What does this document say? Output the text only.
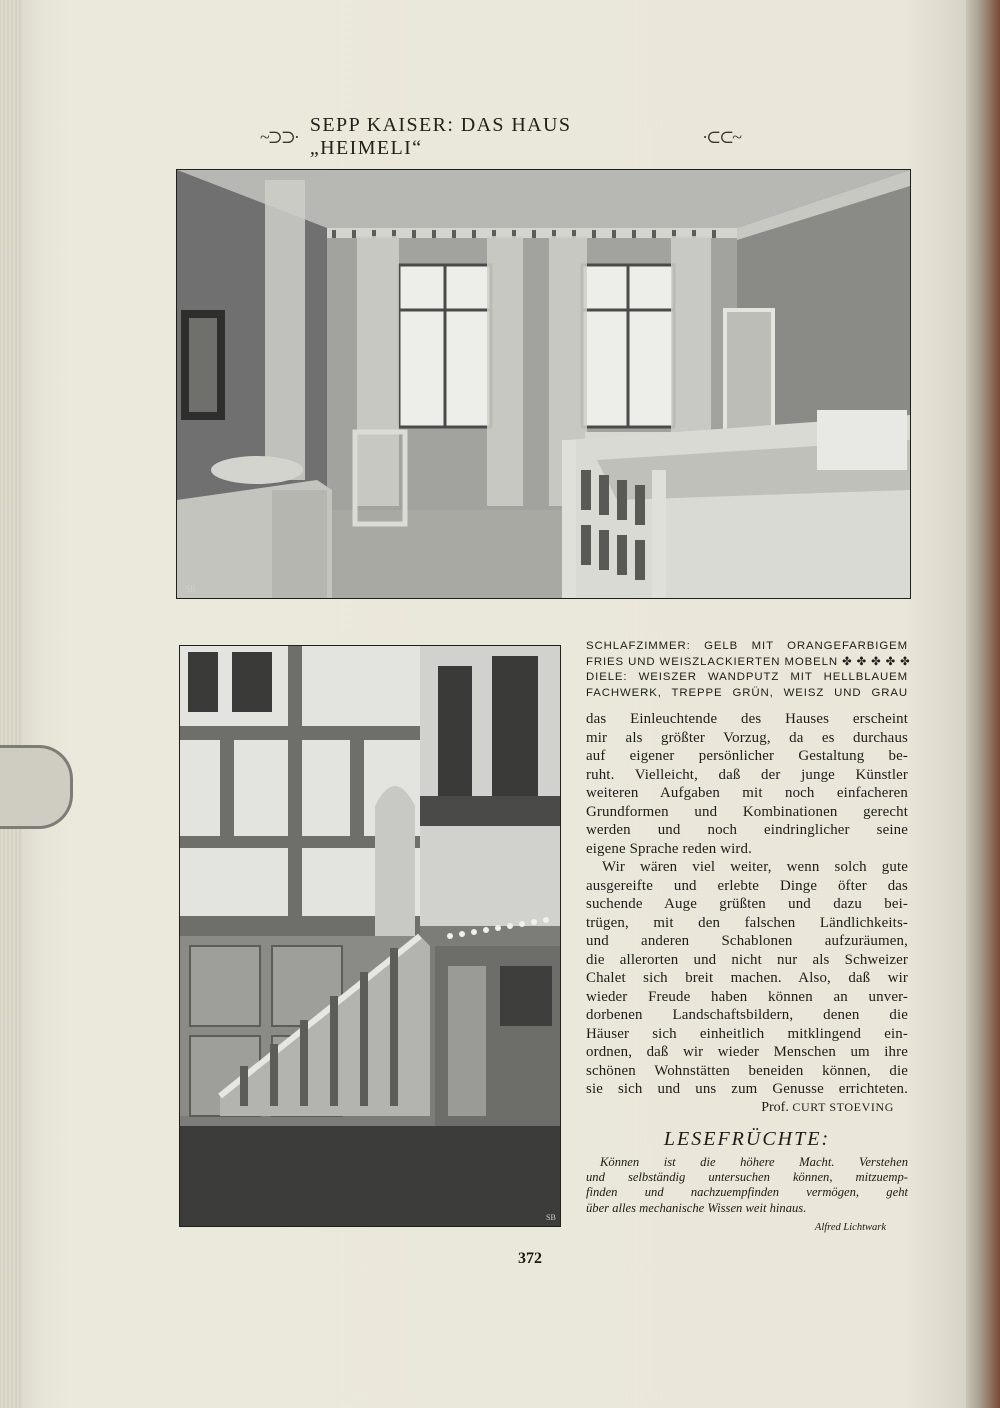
~⊃⊃·
SEPP KAISER: DAS HAUS „HEIMELI“
·⊂⊂~
SB
SB
SCHLAFZIMMER: GELB MIT ORANGEFARBIGEM
FRIES UND WEISZLACKIERTEN MOBELN ✤ ✤ ✤ ✤ ✤
DIELE: WEISZER WANDPUTZ MIT HELLBLAUEM
FACHWERK, TREPPE GRÜN, WEISZ UND GRAU
das Einleuchtende des Hauses erscheint
mir als größter Vorzug, da es durchaus
auf eigener persönlicher Gestaltung be-
ruht. Vielleicht, daß der junge Künstler
weiteren Aufgaben mit noch einfacheren
Grundformen und Kombinationen gerecht
werden und noch eindringlicher seine
eigene Sprache reden wird.
Wir wären viel weiter, wenn solch gute
ausgereifte und erlebte Dinge öfter das
suchende Auge grüßten und dazu bei-
trügen, mit den falschen Ländlichkeits-
und anderen Schablonen aufzuräumen,
die allerorten und nicht nur als Schweizer
Chalet sich breit machen. Also, daß wir
wieder Freude haben können an unver-
dorbenen Landschaftsbildern, denen die
Häuser sich einheitlich mitklingend ein-
ordnen, daß wir wieder Menschen um ihre
schönen Wohnstätten beneiden können, die
sie sich und uns zum Genusse errichteten.
Prof. CURT STOEVING
LESEFRÜCHTE:
Können ist die höhere Macht. Verstehen
und selbständig untersuchen können, mitzuemp-
finden und nachzuempfinden vermögen, geht
über alles mechanische Wissen weit hinaus.
Alfred Lichtwark
372
